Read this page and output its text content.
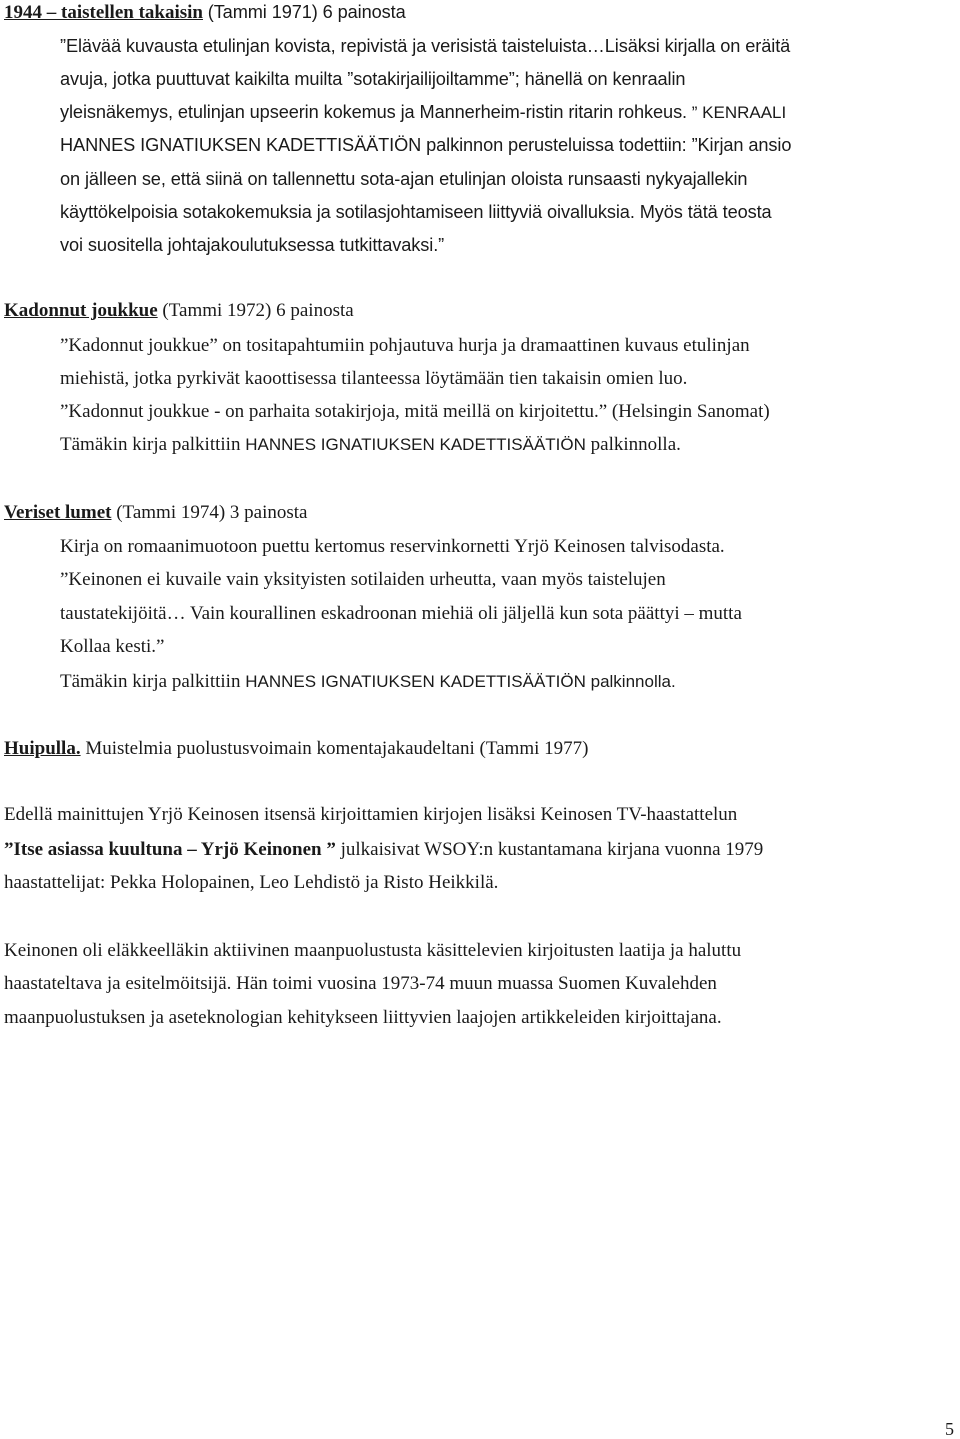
1944 – taistellen takaisin (Tammi 1971) 6 painosta
”Elävää kuvausta etulinjan kovista, repivistä ja verisistä taisteluista…Lisäksi kirjalla on eräitä
avuja, jotka puuttuvat kaikilta muilta ”sotakirjailijoiltamme”; hänellä on kenraalin
yleisnäkemys, etulinjan upseerin kokemus ja Mannerheim-ristin ritarin rohkeus. ” KENRAALI
HANNES IGNATIUKSEN KADETTISÄÄTIÖN palkinnon perusteluissa todettiin: ”Kirjan ansio
on jälleen se, että siinä on tallennettu sota-ajan etulinjan oloista runsaasti nykyajallekin
käyttökelpoisia sotakokemuksia ja sotilasjohtamiseen liittyviä oivalluksia. Myös tätä teosta
voi suositella johtajakoulutuksessa tutkittavaksi.”
Kadonnut joukkue (Tammi 1972) 6 painosta
”Kadonnut joukkue” on tositapahtumiin pohjautuva hurja ja dramaattinen kuvaus etulinjan
miehistä, jotka pyrkivät kaoottisessa tilanteessa löytämään tien takaisin omien luo.
”Kadonnut joukkue - on parhaita sotakirjoja, mitä meillä on kirjoitettu.” (Helsingin Sanomat)
Tämäkin kirja palkittiin HANNES IGNATIUKSEN KADETTISÄÄTIÖN palkinnolla.
Veriset lumet (Tammi 1974) 3 painosta
Kirja on romaanimuotoon puettu kertomus reservinkornetti Yrjö Keinosen talvisodasta.
”Keinonen ei kuvaile vain yksityisten sotilaiden urheutta, vaan myös taistelujen
taustatekijöitä… Vain kourallinen eskadroonan miehiä oli jäljellä kun sota päättyi – mutta
Kollaa kesti.”
Tämäkin kirja palkittiin HANNES IGNATIUKSEN KADETTISÄÄTIÖN palkinnolla.
Huipulla. Muistelmia puolustusvoimain komentajakaudeltani (Tammi 1977)
Edellä mainittujen Yrjö Keinosen itsensä kirjoittamien kirjojen lisäksi Keinosen TV-haastattelun
”Itse asiassa kuultuna – Yrjö Keinonen ” julkaisivat WSOY:n kustantamana kirjana vuonna 1979
haastattelijat: Pekka Holopainen, Leo Lehdistö ja Risto Heikkilä.
Keinonen oli eläkkeelläkin aktiivinen maanpuolustusta käsittelevien kirjoitusten laatija ja haluttu
haastateltava ja esitelmöitsijä. Hän toimi vuosina 1973-74 muun muassa Suomen Kuvalehden
maanpuolustuksen ja aseteknologian kehitykseen liittyvien laajojen artikkeleiden kirjoittajana.
5
